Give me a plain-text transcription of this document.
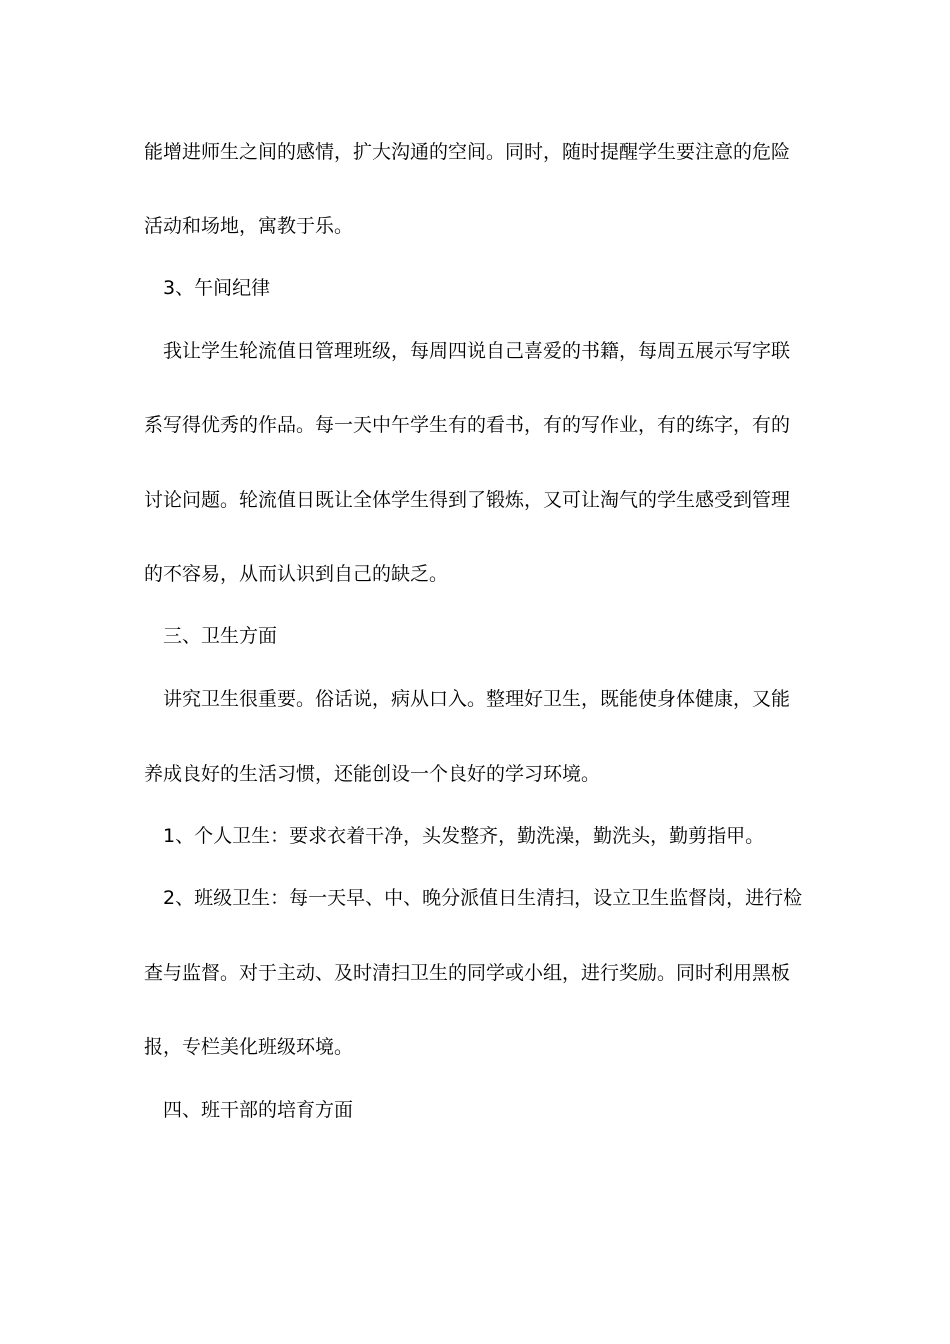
能增进师生之间的感情，扩大沟通的空间。同时，随时提醒学生要注意的危险
活动和场地，寓教于乐。
3、午间纪律
我让学生轮流值日管理班级，每周四说自己喜爱的书籍，每周五展示写字联
系写得优秀的作品。每一天中午学生有的看书，有的写作业，有的练字，有的
讨论问题。轮流值日既让全体学生得到了锻炼，又可让淘气的学生感受到管理
的不容易，从而认识到自己的缺乏。
三、卫生方面
讲究卫生很重要。俗话说，病从口入。整理好卫生，既能使身体健康，又能
养成良好的生活习惯，还能创设一个良好的学习环境。
1、个人卫生：要求衣着干净，头发整齐，勤洗澡，勤洗头，勤剪指甲。
2、班级卫生：每一天早、中、晚分派值日生清扫，设立卫生监督岗，进行检
查与监督。对于主动、及时清扫卫生的同学或小组，进行奖励。同时利用黑板
报，专栏美化班级环境。
四、班干部的培育方面
